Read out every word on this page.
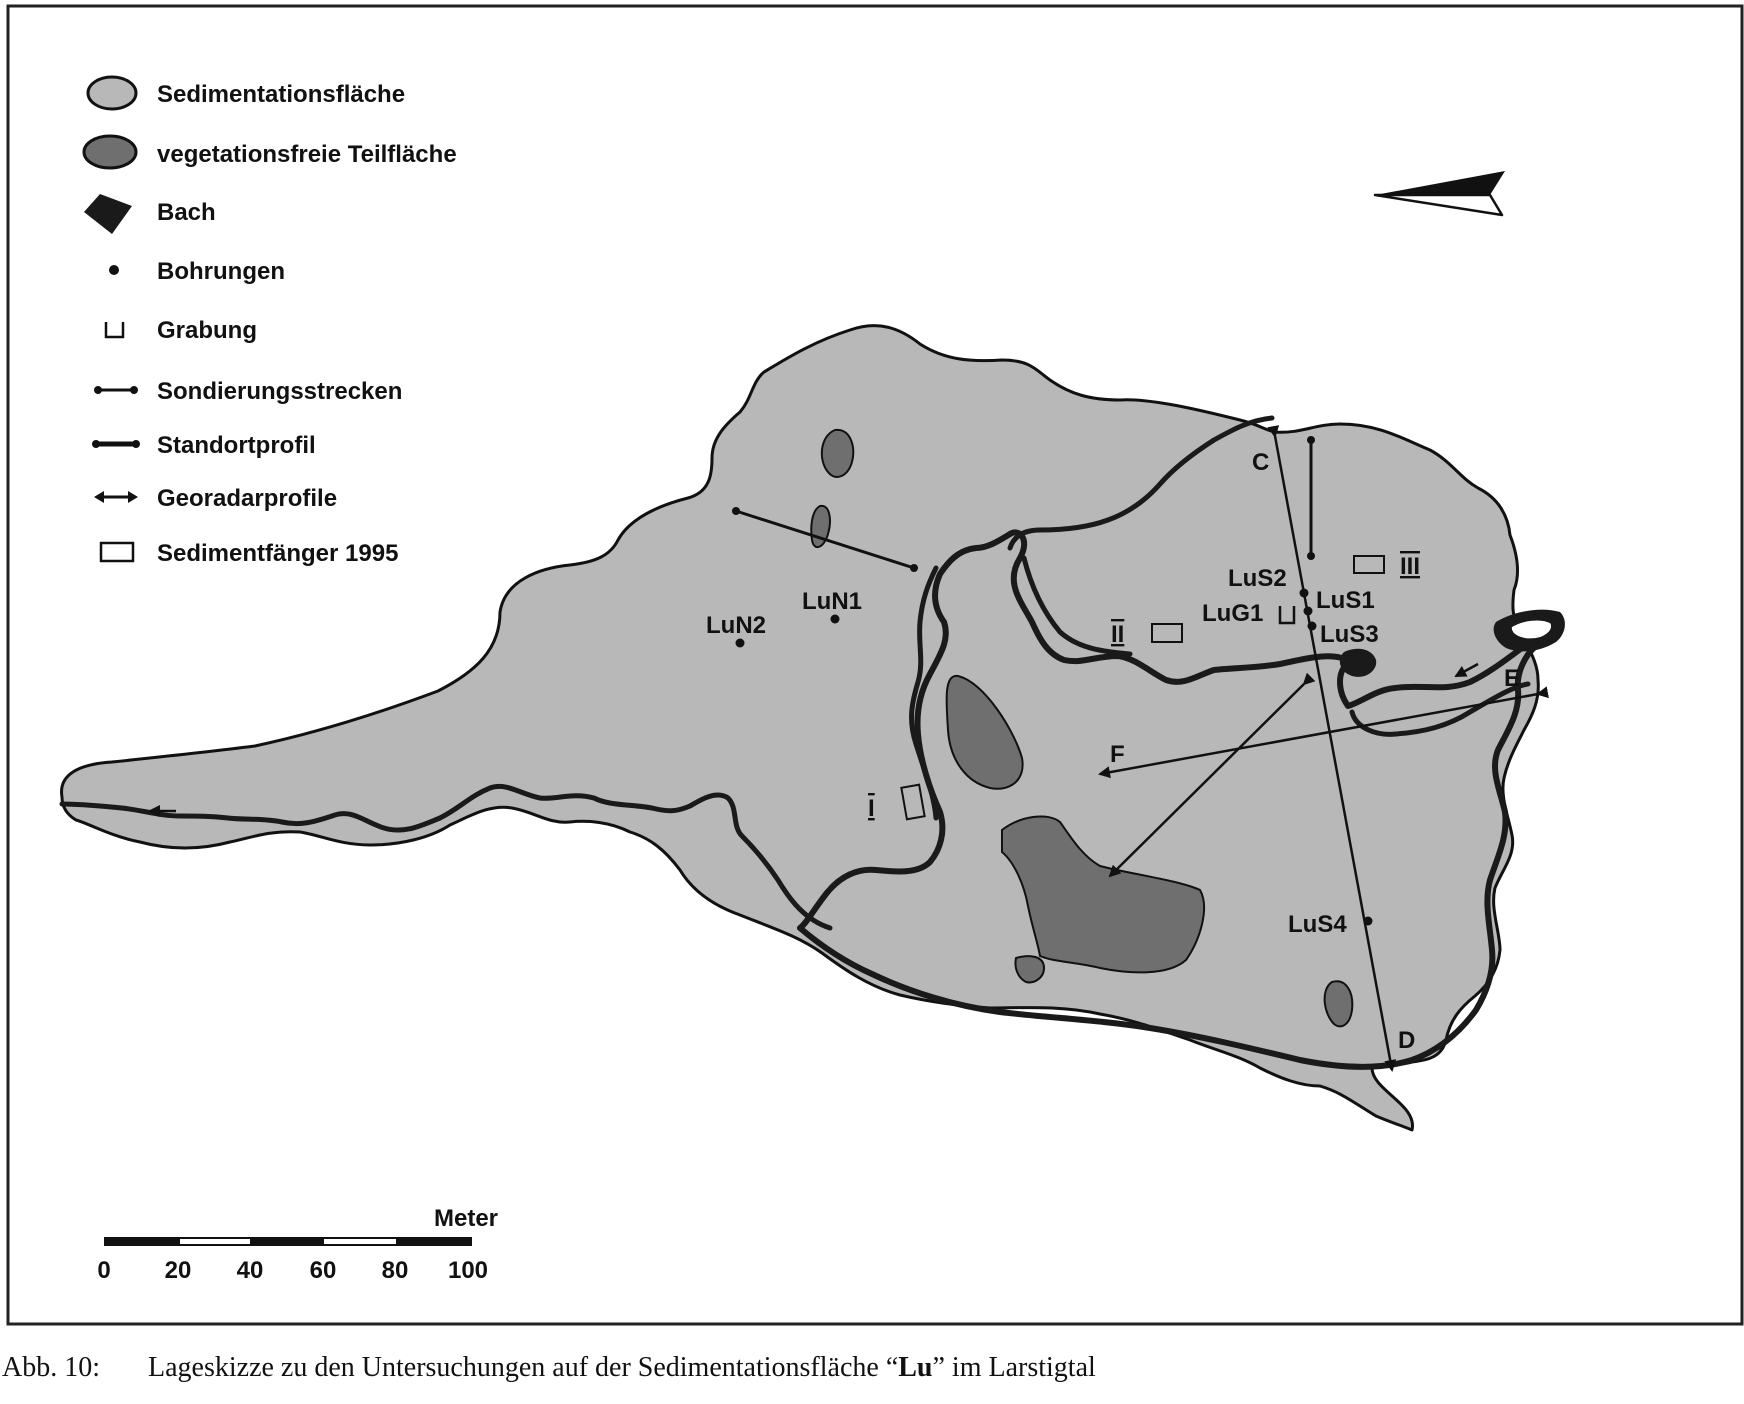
Sedimentationsfläche
vegetationsfreie Teilfläche
Bach
Bohrungen
Grabung
Sondierungsstrecken
Standortprofil
Georadarprofile
Sedimentfänger 1995
LuN1
LuN2
LuS2
LuS1
LuG1
LuS3
LuS4
C
D
E
F
I
II
III
Meter
0 20 40 60 80 100
Abb. 10: Lageskizze zu den Untersuchungen auf der Sedimentationsfläche “Lu” im Larstigtal
